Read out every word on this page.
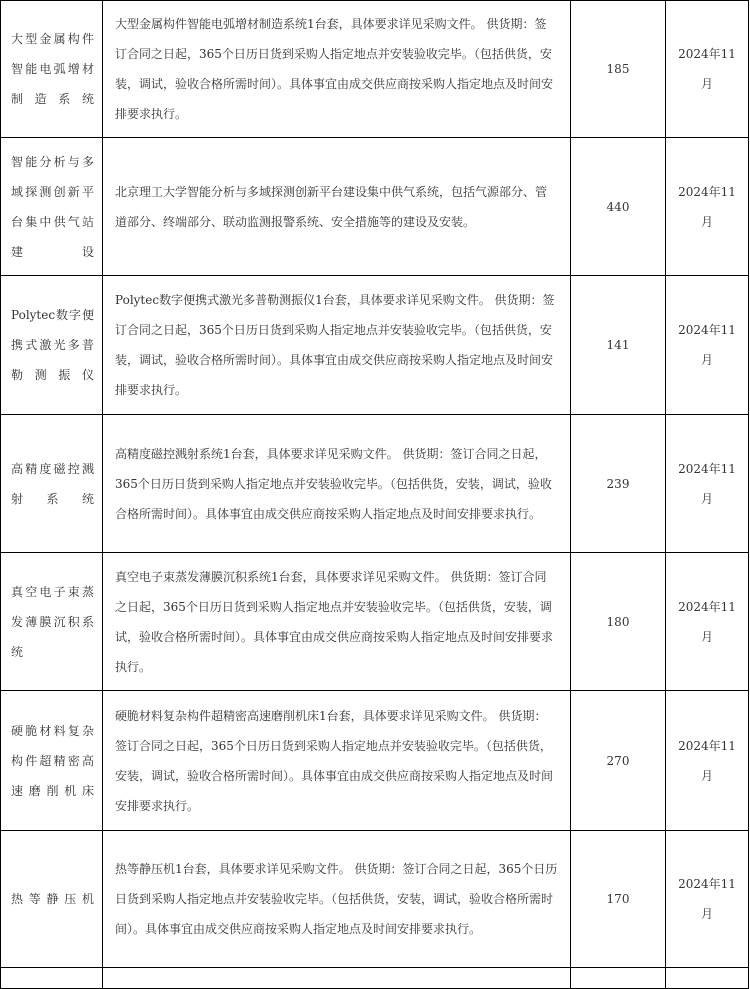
大型金属构件智能电弧增材制造系统	大型金属构件智能电弧增材制造系统1台套，具体要求详见采购文件。 供货期：签订合同之日起，365个日历日货到采购人指定地点并安装验收完毕。（包括供货，安装，调试，验收合格所需时间）。具体事宜由成交供应商按采购人指定地点及时间安排要求执行。	185	2024年11月
智能分析与多域探测创新平台集中供气站建设	北京理工大学智能分析与多域探测创新平台建设集中供气系统，包括气源部分、管道部分、终端部分、联动监测报警系统、安全措施等的建设及安装。	440	2024年11月
Polytec数字便携式激光多普勒测振仪	Polytec数字便携式激光多普勒测振仪1台套，具体要求详见采购文件。 供货期：签订合同之日起，365个日历日货到采购人指定地点并安装验收完毕。（包括供货，安装，调试，验收合格所需时间）。具体事宜由成交供应商按采购人指定地点及时间安排要求执行。	141	2024年11月
高精度磁控溅射系统	高精度磁控溅射系统1台套，具体要求详见采购文件。 供货期：签订合同之日起，365个日历日货到采购人指定地点并安装验收完毕。（包括供货，安装，调试，验收合格所需时间）。具体事宜由成交供应商按采购人指定地点及时间安排要求执行。	239	2024年11月
真空电子束蒸发薄膜沉积系统	真空电子束蒸发薄膜沉积系统1台套，具体要求详见采购文件。 供货期：签订合同之日起，365个日历日货到采购人指定地点并安装验收完毕。（包括供货，安装，调试，验收合格所需时间）。具体事宜由成交供应商按采购人指定地点及时间安排要求执行。	180	2024年11月
硬脆材料复杂构件超精密高速磨削机床	硬脆材料复杂构件超精密高速磨削机床1台套，具体要求详见采购文件。 供货期：签订合同之日起，365个日历日货到采购人指定地点并安装验收完毕。（包括供货，安装，调试，验收合格所需时间）。具体事宜由成交供应商按采购人指定地点及时间安排要求执行。	270	2024年11月
热等静压机	热等静压机1台套，具体要求详见采购文件。 供货期：签订合同之日起，365个日历日货到采购人指定地点并安装验收完毕。（包括供货，安装，调试，验收合格所需时间）。具体事宜由成交供应商按采购人指定地点及时间安排要求执行。	170	2024年11月
